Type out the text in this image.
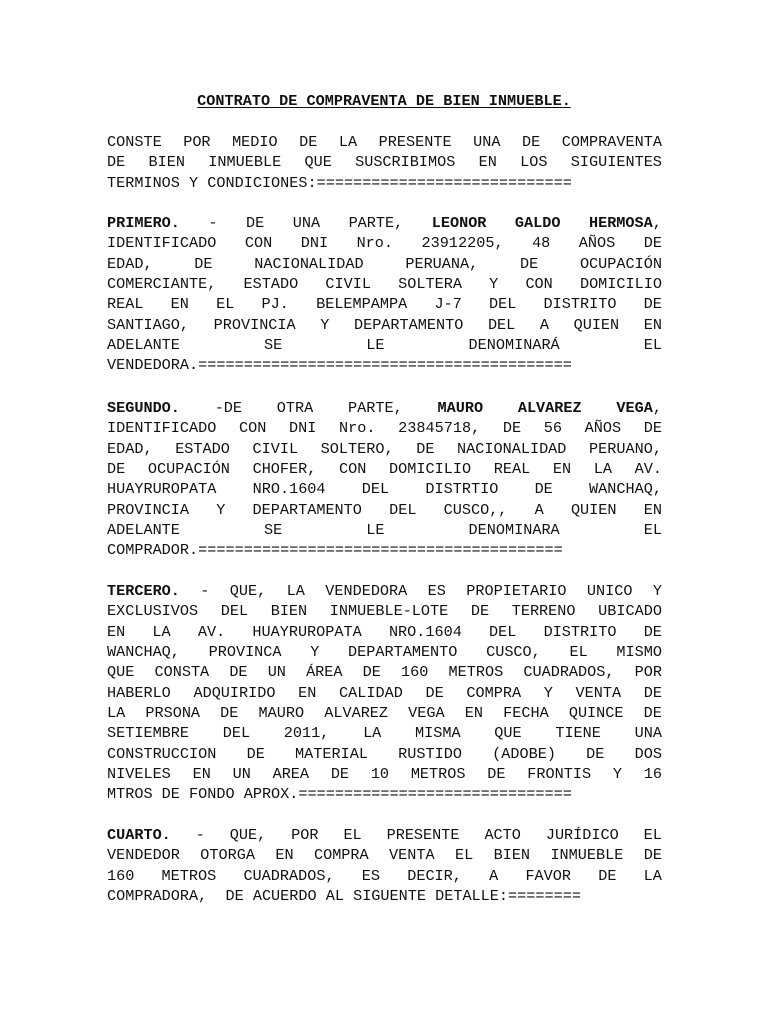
CONTRATO DE COMPRAVENTA DE BIEN INMUEBLE.
CONSTE POR MEDIO DE LA PRESENTE UNA DE COMPRAVENTA
DE BIEN INMUEBLE QUE SUSCRIBIMOS EN LOS SIGUIENTES
TERMINOS Y CONDICIONES:============================
PRIMERO. - DE UNA PARTE, LEONOR GALDO HERMOSA,
IDENTIFICADO CON DNI Nro. 23912205, 48 AÑOS DE
EDAD,	DE	NACIONALIDAD	PERUANA,	DE	OCUPACIÓN
COMERCIANTE, ESTADO CIVIL SOLTERA Y CON DOMICILIO
REAL EN EL PJ. BELEMPAMPA J-7 DEL DISTRITO DE
SANTIAGO, PROVINCIA Y DEPARTAMENTO DEL A QUIEN EN
ADELANTE	SE	LE	DENOMINARÁ	EL
VENDEDORA.=========================================
SEGUNDO. -DE OTRA PARTE, MAURO ALVAREZ VEGA,
IDENTIFICADO CON DNI Nro. 23845718, DE 56 AÑOS DE
EDAD, ESTADO CIVIL SOLTERO, DE NACIONALIDAD PERUANO,
DE OCUPACIÓN CHOFER, CON DOMICILIO REAL EN LA AV.
HUAYRUROPATA NRO.1604 DEL DISTRTIO DE WANCHAQ,
PROVINCIA Y DEPARTAMENTO DEL CUSCO,, A QUIEN EN
ADELANTE	SE	LE	DENOMINARA	EL
COMPRADOR.========================================
TERCERO. - QUE, LA VENDEDORA ES PROPIETARIO UNICO Y
EXCLUSIVOS DEL BIEN INMUEBLE-LOTE DE TERRENO UBICADO
EN LA AV. HUAYRUROPATA NRO.1604 DEL DISTRITO DE
WANCHAQ, PROVINCA Y DEPARTAMENTO CUSCO, EL MISMO
QUE CONSTA DE UN ÁREA DE 160 METROS CUADRADOS, POR
HABERLO ADQUIRIDO EN CALIDAD DE COMPRA Y VENTA DE
LA PRSONA DE MAURO ALVAREZ VEGA EN FECHA QUINCE DE
SETIEMBRE DEL 2011, LA MISMA QUE TIENE UNA
CONSTRUCCION DE MATERIAL RUSTIDO (ADOBE) DE DOS
NIVELES EN UN AREA DE 10 METROS DE FRONTIS Y 16
MTROS DE FONDO APROX.==============================
CUARTO. - QUE, POR EL PRESENTE ACTO JURÍDICO EL
VENDEDOR OTORGA EN COMPRA VENTA EL BIEN INMUEBLE DE
160 METROS CUADRADOS, ES DECIR, A FAVOR DE LA
COMPRADORA,  DE ACUERDO AL SIGUENTE DETALLE:========
